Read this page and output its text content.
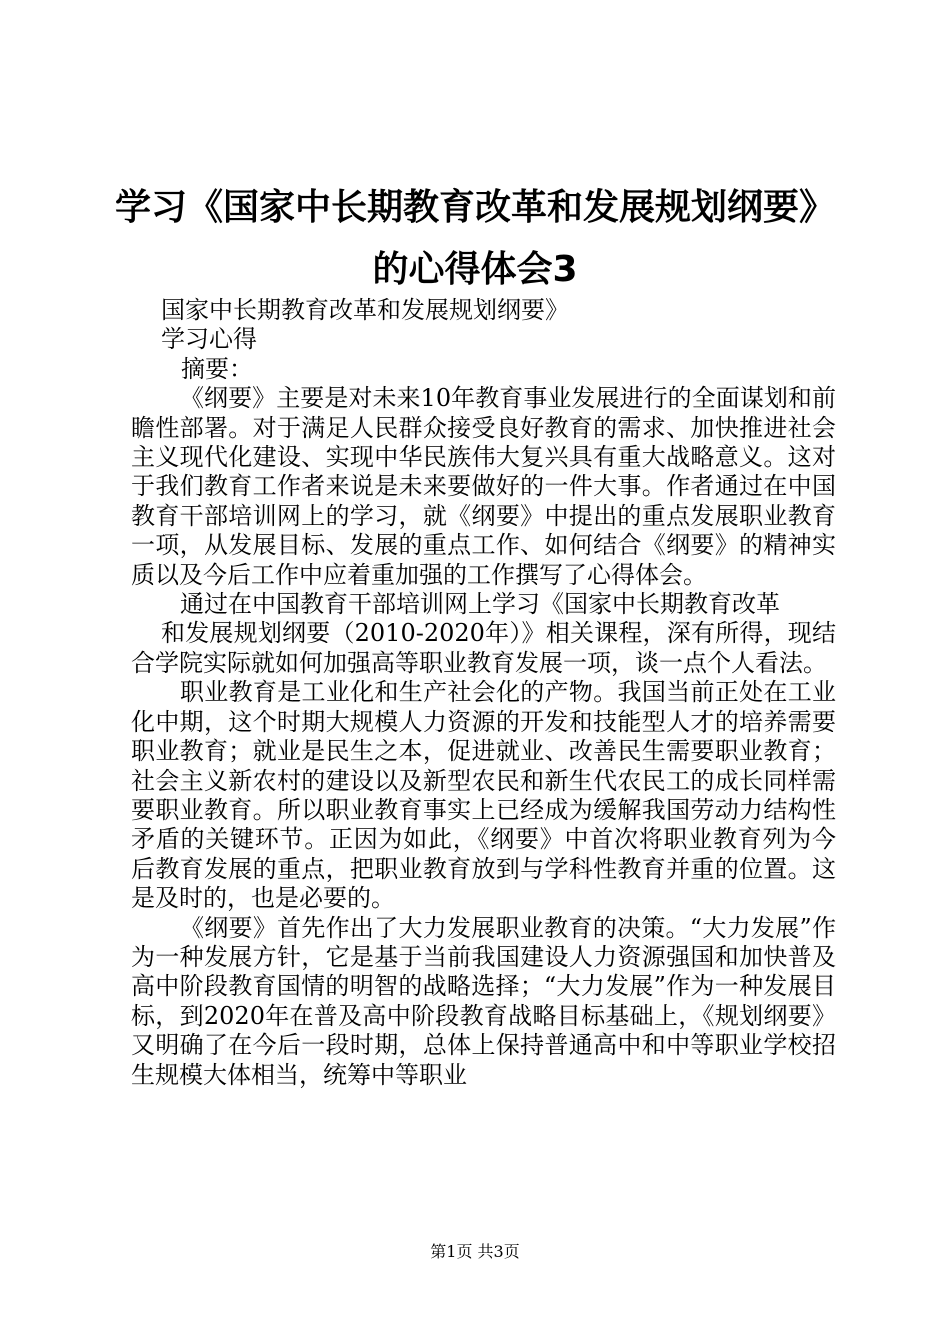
学习《国家中长期教育改革和发展规划纲要》
的心得体会3

国家中长期教育改革和发展规划纲要》

学习心得

摘要：

《纲要》主要是对未来10年教育事业发展进行的全面谋划和前瞻性部署。对于满足人民群众接受良好教育的需求、加快推进社会主义现代化建设、实现中华民族伟大复兴具有重大战略意义。这对于我们教育工作者来说是未来要做好的一件大事。作者通过在中国教育干部培训网上的学习，就《纲要》中提出的重点发展职业教育一项，从发展目标、发展的重点工作、如何结合《纲要》的精神实质以及今后工作中应着重加强的工作撰写了心得体会。

通过在中国教育干部培训网上学习《国家中长期教育改革

和发展规划纲要（2010-2020年）》相关课程，深有所得，现结合学院实际就如何加强高等职业教育发展一项，谈一点个人看法。

职业教育是工业化和生产社会化的产物。我国当前正处在工业化中期，这个时期大规模人力资源的开发和技能型人才的培养需要职业教育；就业是民生之本，促进就业、改善民生需要职业教育；社会主义新农村的建设以及新型农民和新生代农民工的成长同样需要职业教育。所以职业教育事实上已经成为缓解我国劳动力结构性矛盾的关键环节。正因为如此，《纲要》中首次将职业教育列为今后教育发展的重点，把职业教育放到与学科性教育并重的位置。这是及时的，也是必要的。

《纲要》首先作出了大力发展职业教育的决策。“大力发展”作为一种发展方针，它是基于当前我国建设人力资源强国和加快普及高中阶段教育国情的明智的战略选择；“大力发展”作为一种发展目标，到2020年在普及高中阶段教育战略目标基础上，《规划纲要》又明确了在今后一段时期，总体上保持普通高中和中等职业学校招生规模大体相当，统筹中等职业

第1页 共3页
